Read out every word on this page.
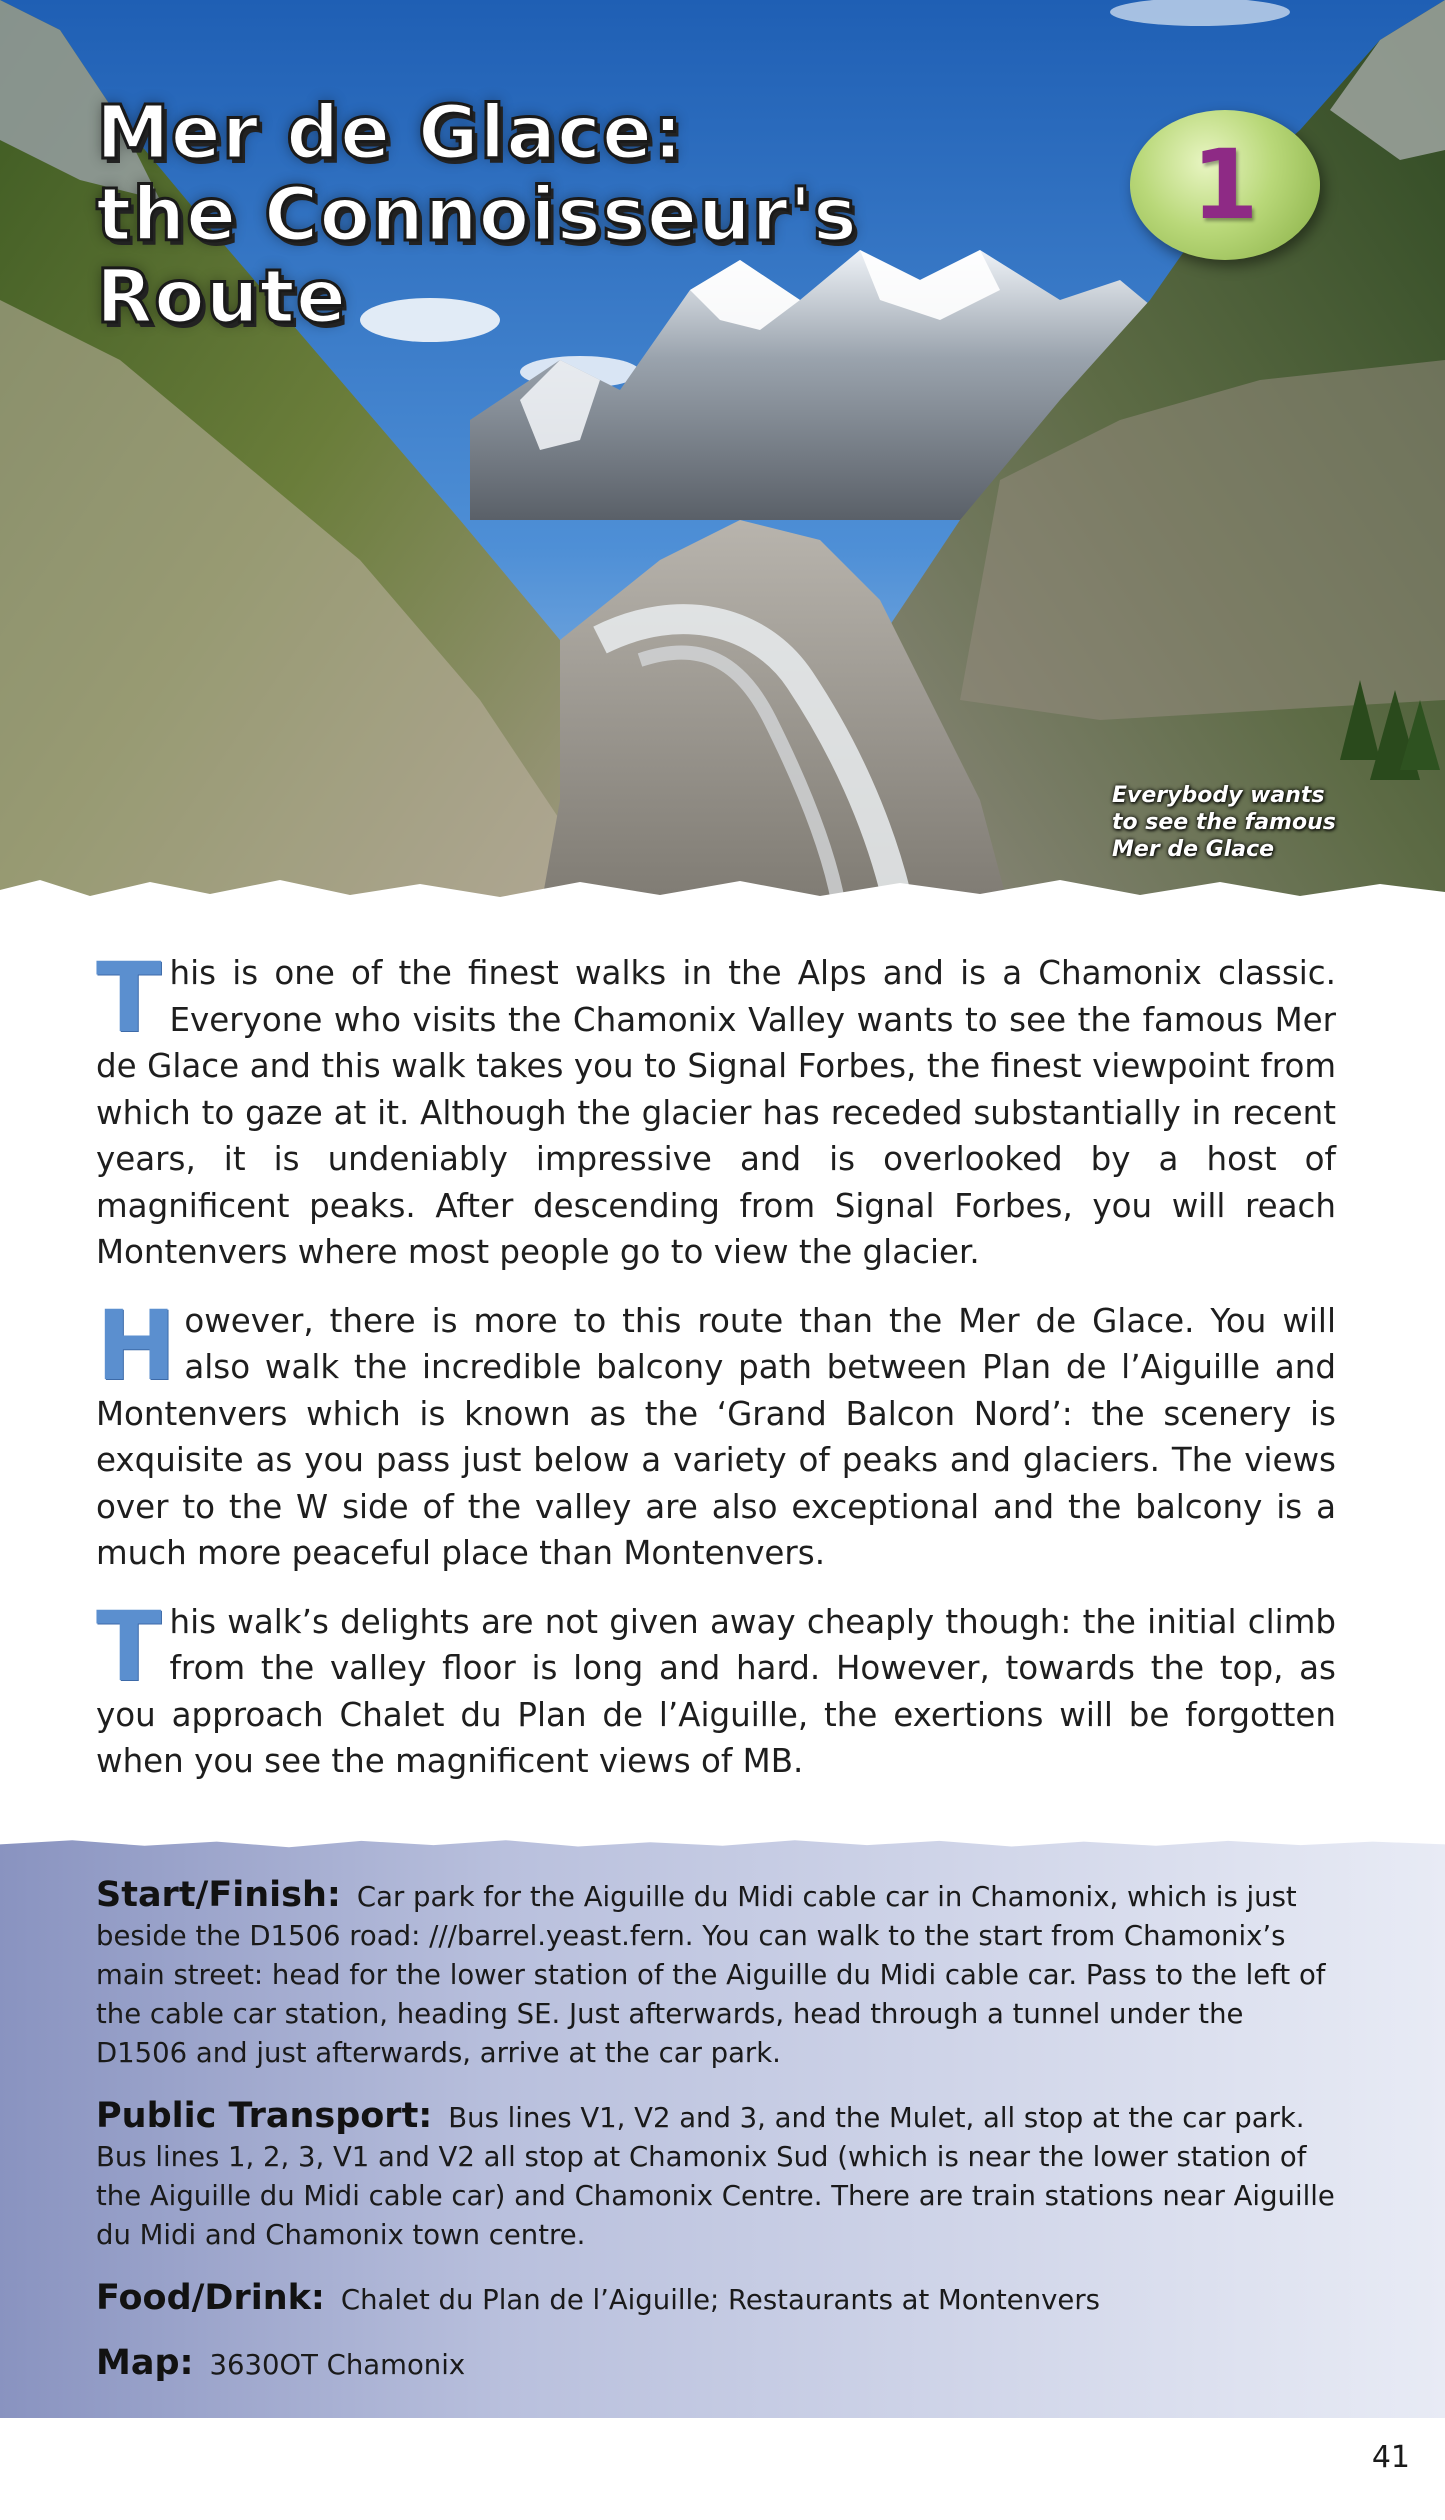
Mer de Glace:
the Connoisseur's
Route
1
Everybody wants
to see the famous
Mer de Glace

This is one of the finest walks in the Alps and is a Chamonix classic. Everyone who visits the Chamonix Valley wants to see the famous Mer de Glace and this walk takes you to Signal Forbes, the finest viewpoint from which to gaze at it. Although the glacier has receded substantially in recent years, it is undeniably impressive and is overlooked by a host of magnificent peaks. After descending from Signal Forbes, you will reach Montenvers where most people go to view the glacier.

However, there is more to this route than the Mer de Glace. You will also walk the incredible balcony path between Plan de l’Aiguille and Montenvers which is known as the ‘Grand Balcon Nord’: the scenery is exquisite as you pass just below a variety of peaks and glaciers. The views over to the W side of the valley are also exceptional and the balcony is a much more peaceful place than Montenvers.

This walk’s delights are not given away cheaply though: the initial climb from the valley floor is long and hard. However, towards the top, as you approach Chalet du Plan de l’Aiguille, the exertions will be forgotten when you see the magnificent views of MB.

Start/Finish: Car park for the Aiguille du Midi cable car in Chamonix, which is just beside the D1506 road: ///barrel.yeast.fern. You can walk to the start from Chamonix’s main street: head for the lower station of the Aiguille du Midi cable car. Pass to the left of the cable car station, heading SE. Just afterwards, head through a tunnel under the D1506 and just afterwards, arrive at the car park.

Public Transport: Bus lines V1, V2 and 3, and the Mulet, all stop at the car park. Bus lines 1, 2, 3, V1 and V2 all stop at Chamonix Sud (which is near the lower station of the Aiguille du Midi cable car) and Chamonix Centre. There are train stations near Aiguille du Midi and Chamonix town centre.

Food/Drink: Chalet du Plan de l’Aiguille; Restaurants at Montenvers

Map: 3630OT Chamonix

41
